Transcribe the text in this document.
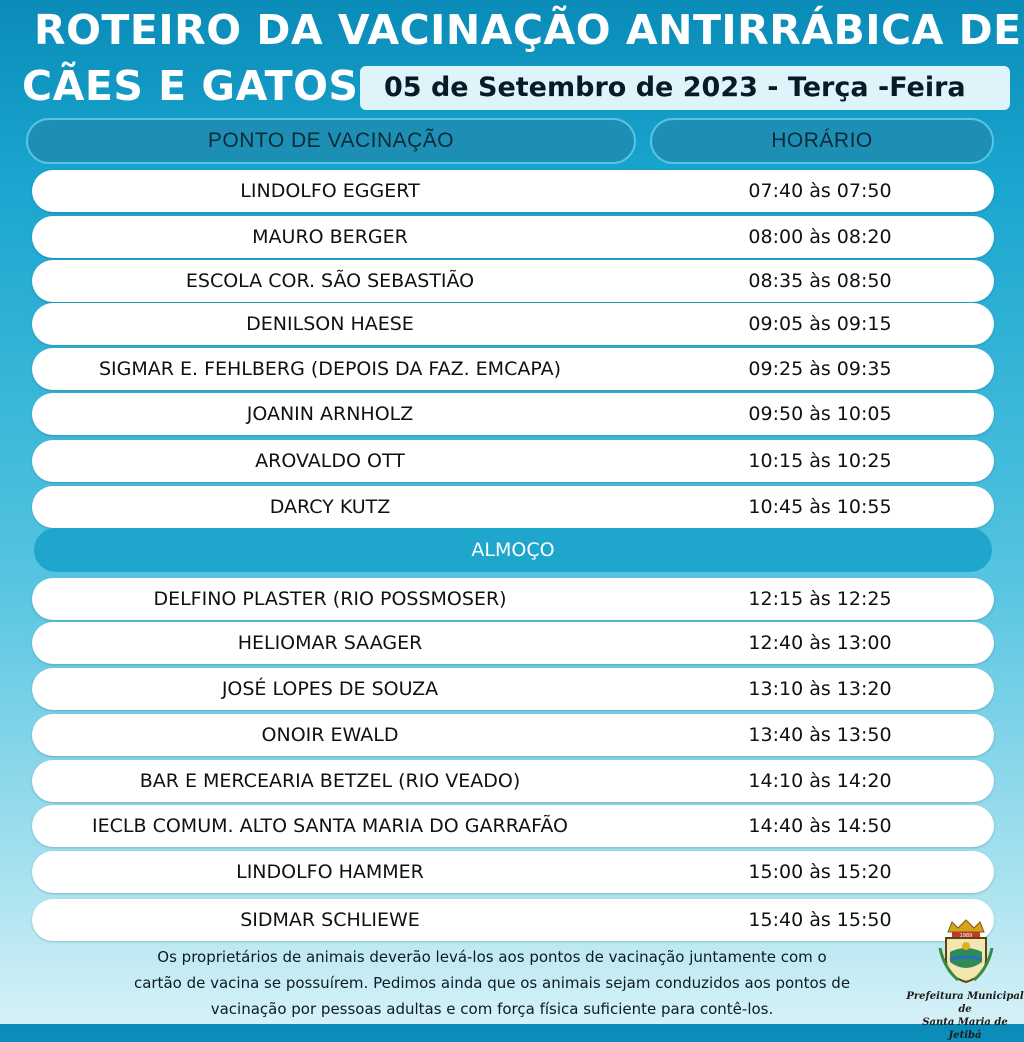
ROTEIRO DA VACINAÇÃO ANTIRRÁBICA DE
CÃES E GATOS 05 de Setembro de 2023 - Terça -Feira
PONTO DE VACINAÇÃO	HORÁRIO
LINDOLFO EGGERT	07:40 às 07:50
MAURO BERGER	08:00 às 08:20
ESCOLA COR. SÃO SEBASTIÃO	08:35 às 08:50
DENILSON HAESE	09:05 às 09:15
SIGMAR E. FEHLBERG (DEPOIS DA FAZ. EMCAPA)	09:25 às 09:35
JOANIN ARNHOLZ	09:50 às 10:05
AROVALDO OTT	10:15 às 10:25
DARCY KUTZ	10:45 às 10:55
ALMOÇO
DELFINO PLASTER (RIO POSSMOSER)	12:15 às 12:25
HELIOMAR SAAGER	12:40 às 13:00
JOSÉ LOPES DE SOUZA	13:10 às 13:20
ONOIR EWALD	13:40 às 13:50
BAR E MERCEARIA BETZEL (RIO VEADO)	14:10 às 14:20
IECLB COMUM. ALTO SANTA MARIA DO GARRAFÃO	14:40 às 14:50
LINDOLFO HAMMER	15:00 às 15:20
SIDMAR SCHLIEWE	15:40 às 15:50
Os proprietários de animais deverão levá-los aos pontos de vacinação juntamente com o
cartão de vacina se possuírem. Pedimos ainda que os animais sejam conduzidos aos pontos de
vacinação por pessoas adultas e com força física suficiente para contê-los.
1989
Prefeitura Municipal de
Santa Maria de Jetibá
